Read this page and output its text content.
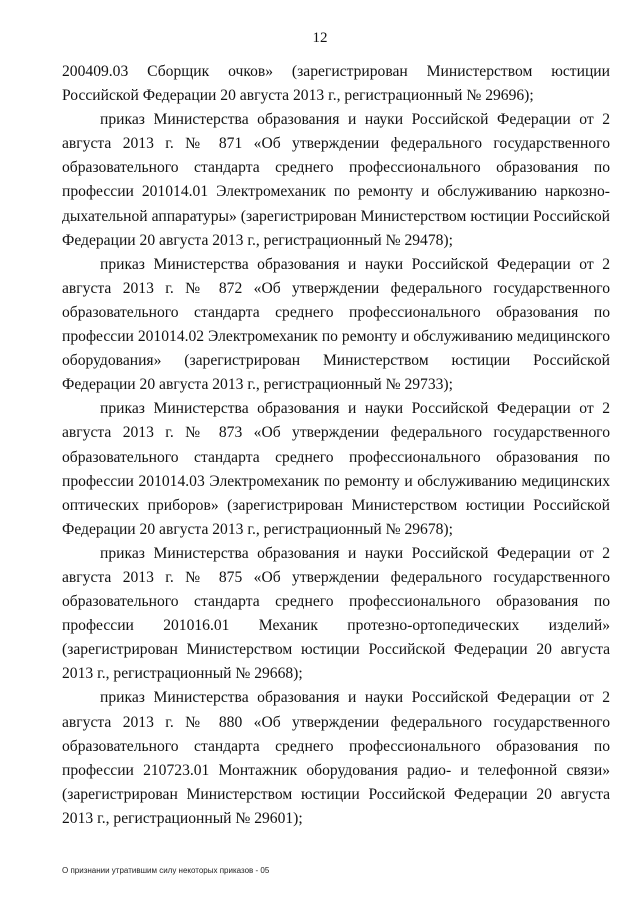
12

200409.03 Сборщик очков» (зарегистрирован Министерством юстиции Российской Федерации 20 августа 2013 г., регистрационный № 29696);

приказ Министерства образования и науки Российской Федерации от 2 августа 2013 г. № 871 «Об утверждении федерального государственного образовательного стандарта среднего профессионального образования по профессии 201014.01 Электромеханик по ремонту и обслуживанию наркозно-дыхательной аппаратуры» (зарегистрирован Министерством юстиции Российской Федерации 20 августа 2013 г., регистрационный № 29478);

приказ Министерства образования и науки Российской Федерации от 2 августа 2013 г. № 872 «Об утверждении федерального государственного образовательного стандарта среднего профессионального образования по профессии 201014.02 Электромеханик по ремонту и обслуживанию медицинского оборудования» (зарегистрирован Министерством юстиции Российской Федерации 20 августа 2013 г., регистрационный № 29733);

приказ Министерства образования и науки Российской Федерации от 2 августа 2013 г. № 873 «Об утверждении федерального государственного образовательного стандарта среднего профессионального образования по профессии 201014.03 Электромеханик по ремонту и обслуживанию медицинских оптических приборов» (зарегистрирован Министерством юстиции Российской Федерации 20 августа 2013 г., регистрационный № 29678);

приказ Министерства образования и науки Российской Федерации от 2 августа 2013 г. № 875 «Об утверждении федерального государственного образовательного стандарта среднего профессионального образования по профессии 201016.01 Механик протезно-ортопедических изделий» (зарегистрирован Министерством юстиции Российской Федерации 20 августа 2013 г., регистрационный № 29668);

приказ Министерства образования и науки Российской Федерации от 2 августа 2013 г. № 880 «Об утверждении федерального государственного образовательного стандарта среднего профессионального образования по профессии 210723.01 Монтажник оборудования радио- и телефонной связи» (зарегистрирован Министерством юстиции Российской Федерации 20 августа 2013 г., регистрационный № 29601);

О признании утратившим силу некоторых приказов - 05
